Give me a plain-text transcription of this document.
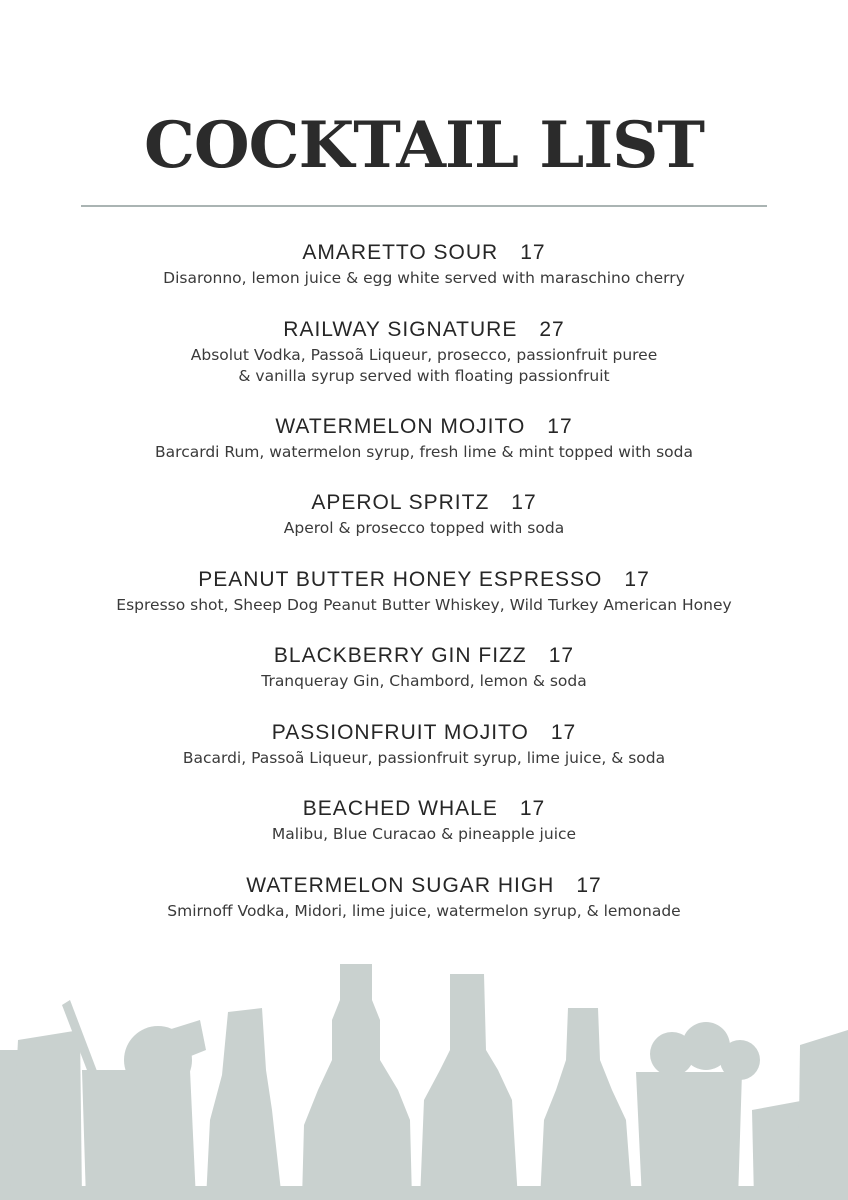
COCKTAIL LIST
AMARETTO SOUR 17
Disaronno, lemon juice & egg white served with maraschino cherry
RAILWAY SIGNATURE 27
Absolut Vodka, Passoã Liqueur, prosecco, passionfruit puree
& vanilla syrup served with floating passionfruit
WATERMELON MOJITO 17
Barcardi Rum, watermelon syrup, fresh lime & mint topped with soda
APEROL SPRITZ 17
Aperol & prosecco topped with soda
PEANUT BUTTER HONEY ESPRESSO 17
Espresso shot, Sheep Dog Peanut Butter Whiskey, Wild Turkey American Honey
BLACKBERRY GIN FIZZ 17
Tranqueray Gin, Chambord, lemon & soda
PASSIONFRUIT MOJITO 17
Bacardi, Passoã Liqueur, passionfruit syrup, lime juice, & soda
BEACHED WHALE 17
Malibu, Blue Curacao & pineapple juice
WATERMELON SUGAR HIGH 17
Smirnoff Vodka, Midori, lime juice, watermelon syrup, & lemonade
